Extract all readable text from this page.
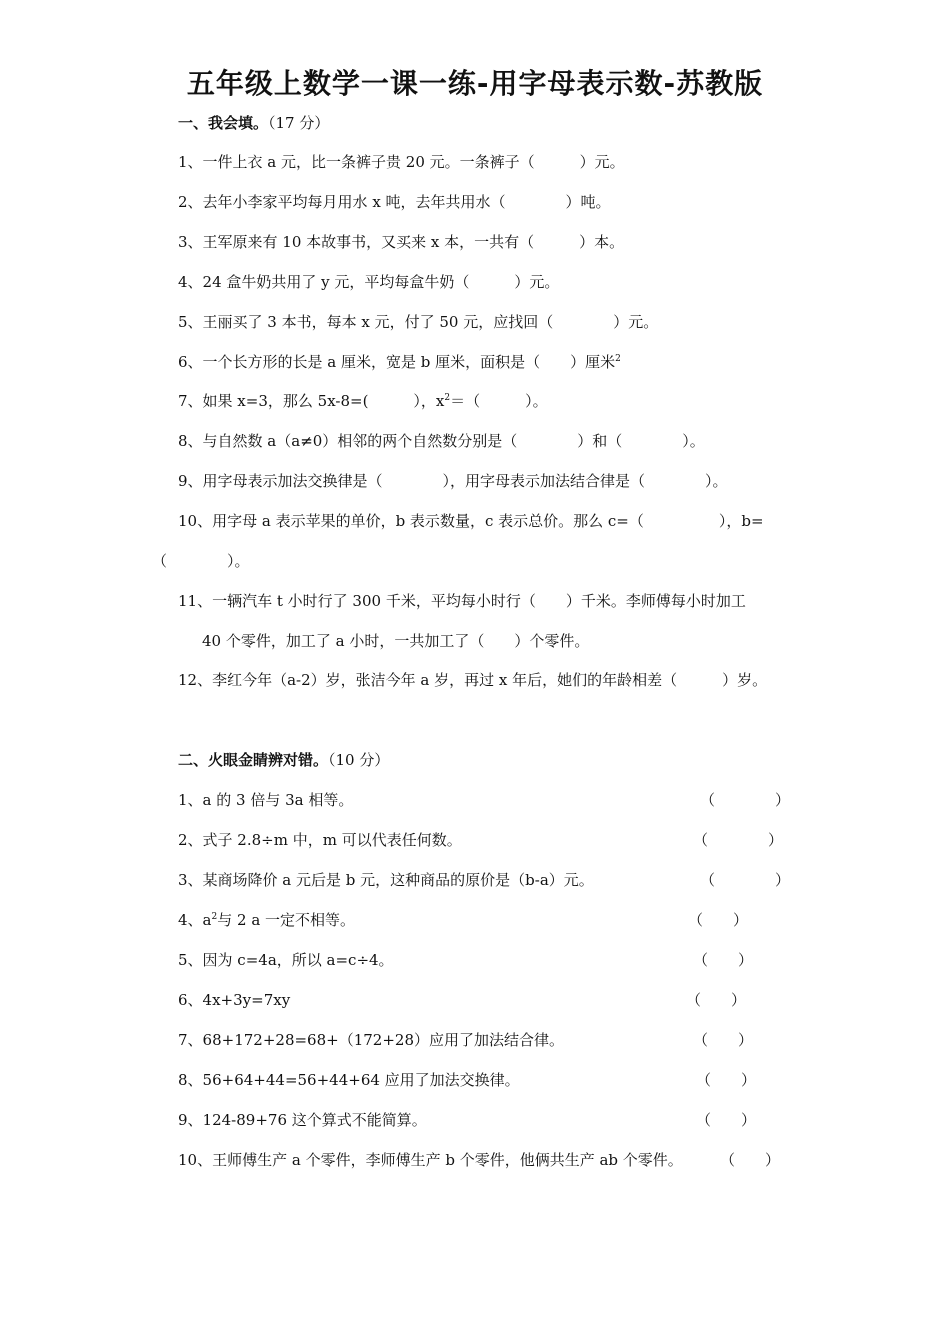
五年级上数学一课一练-用字母表示数-苏教版
一、我会填。（17 分）
1、一件上衣 a 元，比一条裤子贵 20 元。一条裤子（　　　）元。
2、去年小李家平均每月用水 x 吨，去年共用水（　　　　）吨。
3、王军原来有 10 本故事书，又买来 x 本，一共有（　　　）本。
4、24 盒牛奶共用了 y 元，平均每盒牛奶（　　　）元。
5、王丽买了 3 本书，每本 x 元，付了 50 元，应找回（　　　　）元。
6、一个长方形的长是 a 厘米，宽是 b 厘米，面积是（　　）厘米$^2$
7、如果 x=3，那么 5x-8=(　　　），$x^2=$（　　　）。
8、与自然数 a（a≠0）相邻的两个自然数分别是（　　　　）和（　　　　）。
9、用字母表示加法交换律是（　　　　），用字母表示加法结合律是（　　　　）。
10、用字母 a 表示苹果的单价，b 表示数量，c 表示总价。那么 c=（　　　　　），b=
（　　　　）。
11、一辆汽车 t 小时行了 300 千米，平均每小时行（　　）千米。李师傅每小时加工
40 个零件，加工了 a 小时，一共加工了（　　）个零件。
12、李红今年（a-2）岁，张洁今年 a 岁，再过 x 年后，她们的年龄相差（　　　）岁。
二、火眼金睛辨对错。（10 分）
1、a 的 3 倍与 3a 相等。	（　　　　）
2、式子 2.8÷m 中，m 可以代表任何数。	（　　　　）
3、某商场降价 a 元后是 b 元，这种商品的原价是（b-a）元。	（　　　　）
4、$a^2$与 2 a 一定不相等。	（　　）
5、因为 c=4a，所以 a=c÷4。	（　　）
6、4x+3y=7xy	（　　）
7、68+172+28=68+（172+28）应用了加法结合律。	（　　）
8、56+64+44=56+44+64 应用了加法交换律。	（　　）
9、124-89+76 这个算式不能简算。	（　　）
10、王师傅生产 a 个零件，李师傅生产 b 个零件，他俩共生产 ab 个零件。 （　　）
